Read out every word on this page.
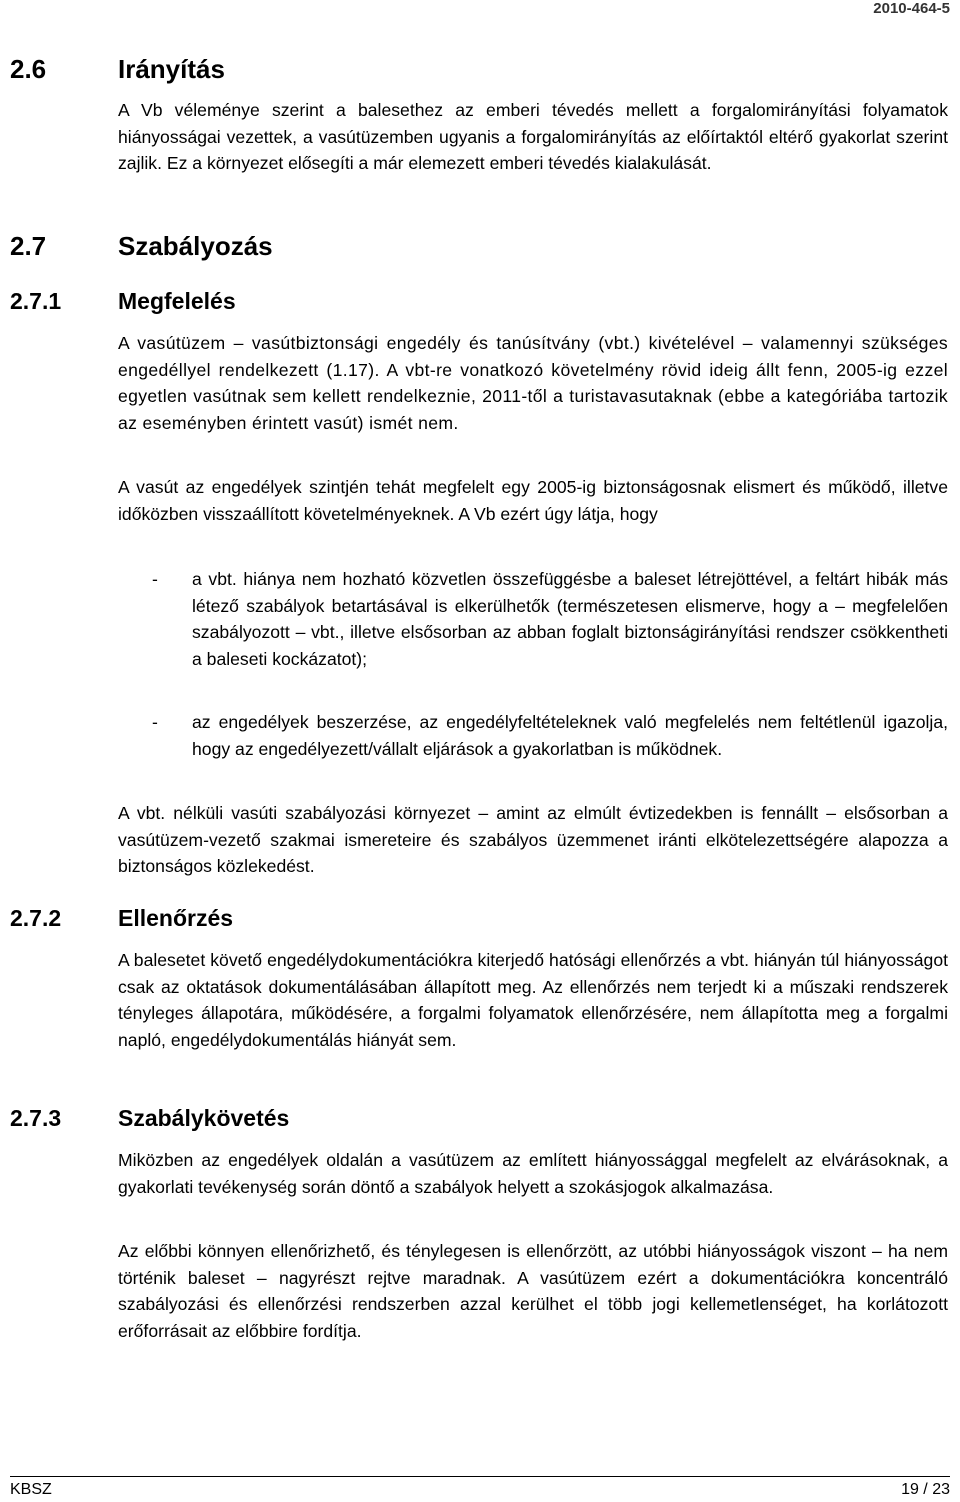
2010-464-5
2.6	Irányítás

A Vb véleménye szerint a balesethez az emberi tévedés mellett a forgalomirányítási folyamatok hiányosságai vezettek, a vasútüzemben ugyanis a forgalomirányítás az előírtaktól eltérő gyakorlat szerint zajlik. Ez a környezet elősegíti a már elemezett emberi tévedés kialakulását.

2.7	Szabályozás
2.7.1 Megfelelés

A vasútüzem – vasútbiztonsági engedély és tanúsítvány (vbt.) kivételével – valamennyi szükséges engedéllyel rendelkezett (1.17). A vbt-re vonatkozó követelmény rövid ideig állt fenn, 2005-ig ezzel egyetlen vasútnak sem kellett rendelkeznie, 2011-től a turistavasutaknak (ebbe a kategóriába tartozik az eseményben érintett vasút) ismét nem.

A vasút az engedélyek szintjén tehát megfelelt egy 2005-ig biztonságosnak elismert és működő, illetve időközben visszaállított követelményeknek. A Vb ezért úgy látja, hogy

- a vbt. hiánya nem hozható közvetlen összefüggésbe a baleset létrejöttével, a feltárt hibák más létező szabályok betartásával is elkerülhetők (természetesen elismerve, hogy a – megfelelően szabályozott – vbt., illetve elsősorban az abban foglalt biztonságirányítási rendszer csökkentheti a baleseti kockázatot);

- az engedélyek beszerzése, az engedélyfeltételeknek való megfelelés nem feltétlenül igazolja, hogy az engedélyezett/vállalt eljárások a gyakorlatban is működnek.

A vbt. nélküli vasúti szabályozási környezet – amint az elmúlt évtizedekben is fennállt – elsősorban a vasútüzem-vezető szakmai ismereteire és szabályos üzemmenet iránti elkötelezettségére alapozza a biztonságos közlekedést.

2.7.2 Ellenőrzés

A balesetet követő engedélydokumentációkra kiterjedő hatósági ellenőrzés a vbt. hiányán túl hiányosságot csak az oktatások dokumentálásában állapított meg. Az ellenőrzés nem terjedt ki a műszaki rendszerek tényleges állapotára, működésére, a forgalmi folyamatok ellenőrzésére, nem állapította meg a forgalmi napló, engedélydokumentálás hiányát sem.

2.7.3 Szabálykövetés

Miközben az engedélyek oldalán a vasútüzem az említett hiányossággal megfelelt az elvárásoknak, a gyakorlati tevékenység során döntő a szabályok helyett a szokásjogok alkalmazása.

Az előbbi könnyen ellenőrizhető, és ténylegesen is ellenőrzött, az utóbbi hiányosságok viszont – ha nem történik baleset – nagyrészt rejtve maradnak. A vasútüzem ezért a dokumentációkra koncentráló szabályozási és ellenőrzési rendszerben azzal kerülhet el több jogi kellemetlenséget, ha korlátozott erőforrásait az előbbire fordítja.

KBSZ	19 / 23
